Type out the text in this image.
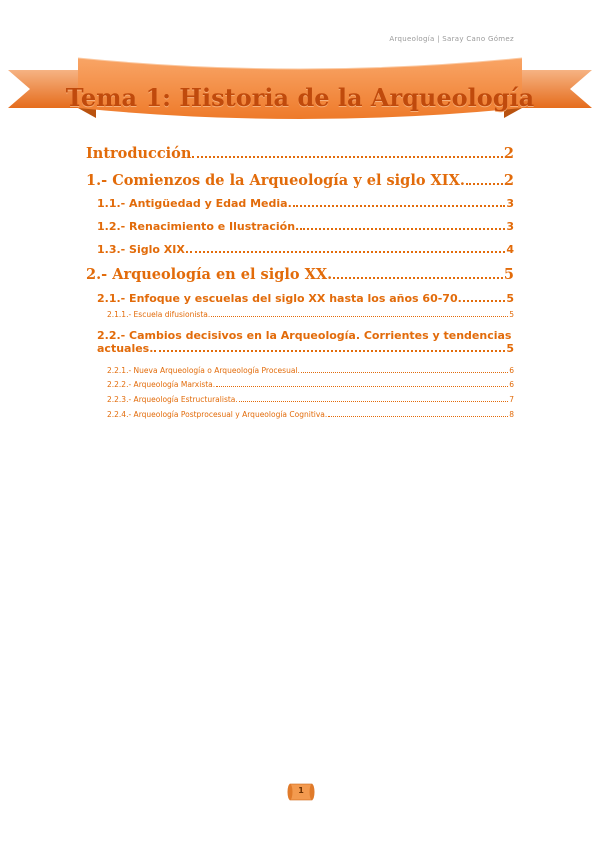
Arqueología | Saray Cano Gómez
Tema 1: Historia de la Arqueología
Introducción	2
1.- Comienzos de la Arqueología y el siglo XIX.	2
1.1.- Antigüedad y Edad Media.	3
1.2.- Renacimiento e Ilustración.	3
1.3.- Siglo XIX.	4
2.- Arqueología en el siglo XX.	5
2.1.- Enfoque y escuelas del siglo XX hasta los años 60-70.	5
2.1.1.- Escuela difusionista.	5
2.2.- Cambios decisivos en la Arqueología. Corrientes y tendencias
actuales.	5
2.2.1.- Nueva Arqueología o Arqueología Procesual.	6
2.2.2.- Arqueología Marxista.	6
2.2.3.- Arqueología Estructuralista.	7
2.2.4.- Arqueología Postprocesual y Arqueología Cognitiva.	8
1
